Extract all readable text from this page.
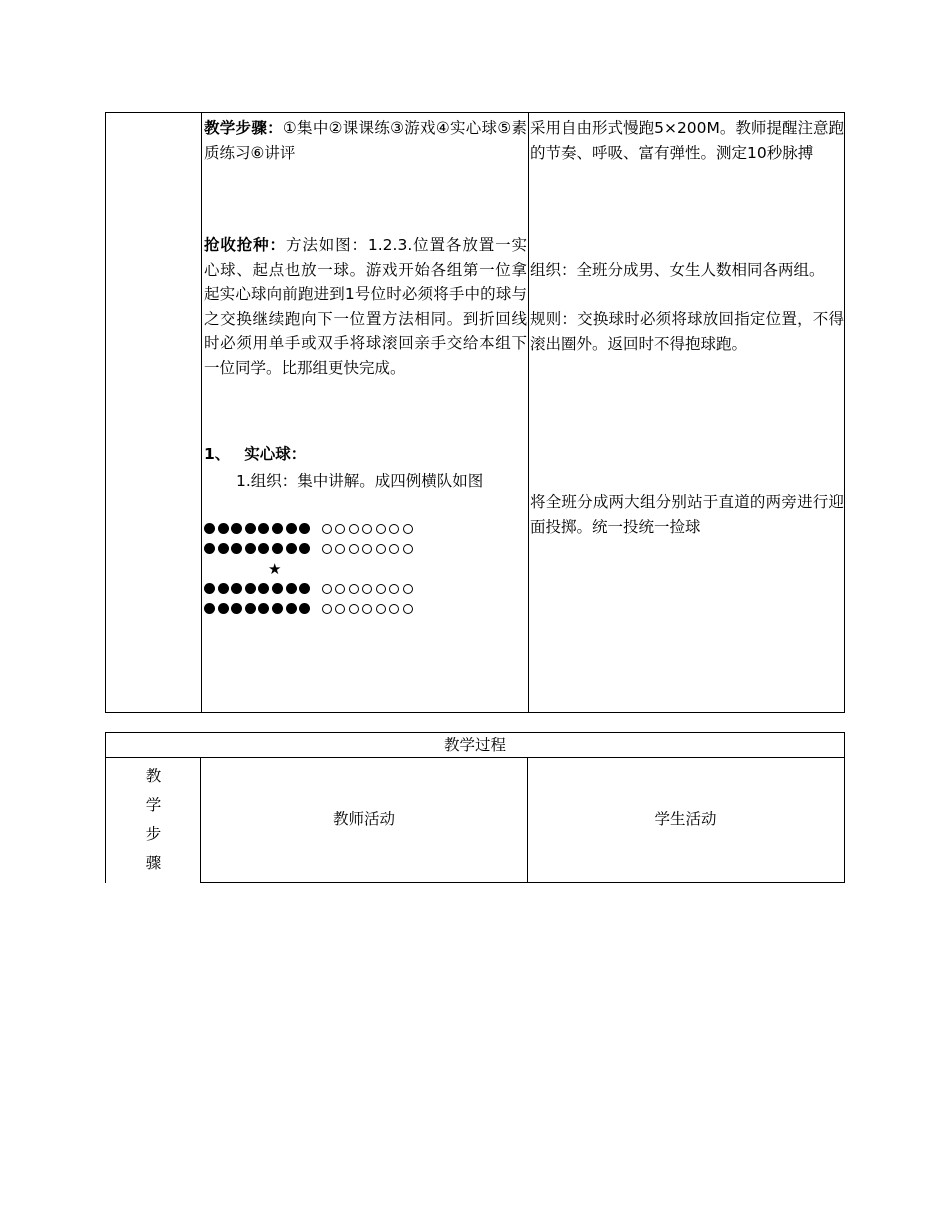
教学步骤：①集中②课课练③游戏④实心球⑤素质练习⑥讲评
抢收抢种：方法如图：1.2.3.位置各放置一实心球、起点也放一球。游戏开始各组第一位拿起实心球向前跑进到1号位时必须将手中的球与之交换继续跑向下一位置方法相同。到折回线时必须用单手或双手将球滚回亲手交给本组下一位同学。比那组更快完成。
1、 实心球：
1.组织：集中讲解。成四例横队如图
★
采用自由形式慢跑5×200M。教师提醒注意跑的节奏、呼吸、富有弹性。测定10秒脉搏
组织：全班分成男、女生人数相同各两组。
规则：交换球时必须将球放回指定位置，不得滚出圈外。返回时不得抱球跑。
将全班分成两大组分别站于直道的两旁进行迎面投掷。统一投统一捡球
教学过程
教
学
步
骤
教师活动	学生活动
